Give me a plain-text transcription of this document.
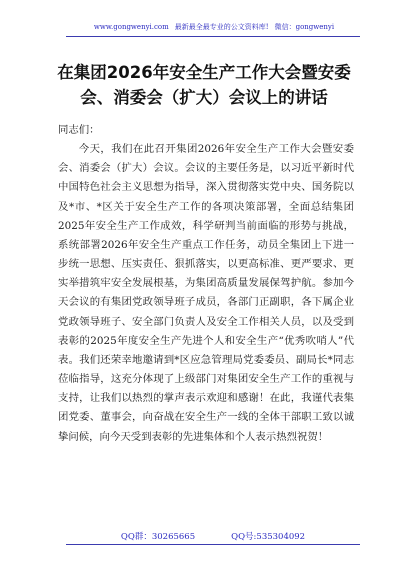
www.gongwenyi.com 最新最全最专业的公文资料库! 微信：gongwenyi
在集团2026年安全生产工作大会暨安委会、消委会（扩大）会议上的讲话

同志们：

今天，我们在此召开集团2026年安全生产工作大会暨安委会、消委会（扩大）会议。会议的主要任务是，以习近平新时代中国特色社会主义思想为指导，深入贯彻落实党中央、国务院以及*市、*区关于安全生产工作的各项决策部署，全面总结集团2025年安全生产工作成效，科学研判当前面临的形势与挑战，系统部署2026年安全生产重点工作任务，动员全集团上下进一步统一思想、压实责任、狠抓落实，以更高标准、更严要求、更实举措筑牢安全发展根基，为集团高质量发展保驾护航。参加今天会议的有集团党政领导班子成员，各部门正副职，各下属企业党政领导班子、安全部门负责人及安全工作相关人员，以及受到表彰的2025年度安全生产先进个人和安全生产“优秀吹哨人”代表。我们还荣幸地邀请到*区应急管理局党委委员、副局长*同志莅临指导，这充分体现了上级部门对集团安全生产工作的重视与支持，让我们以热烈的掌声表示欢迎和感谢！在此，我谨代表集团党委、董事会，向奋战在安全生产一线的全体干部职工致以诚挚问候，向今天受到表彰的先进集体和个人表示热烈祝贺！

QQ群：30265665	QQ号:535304092
